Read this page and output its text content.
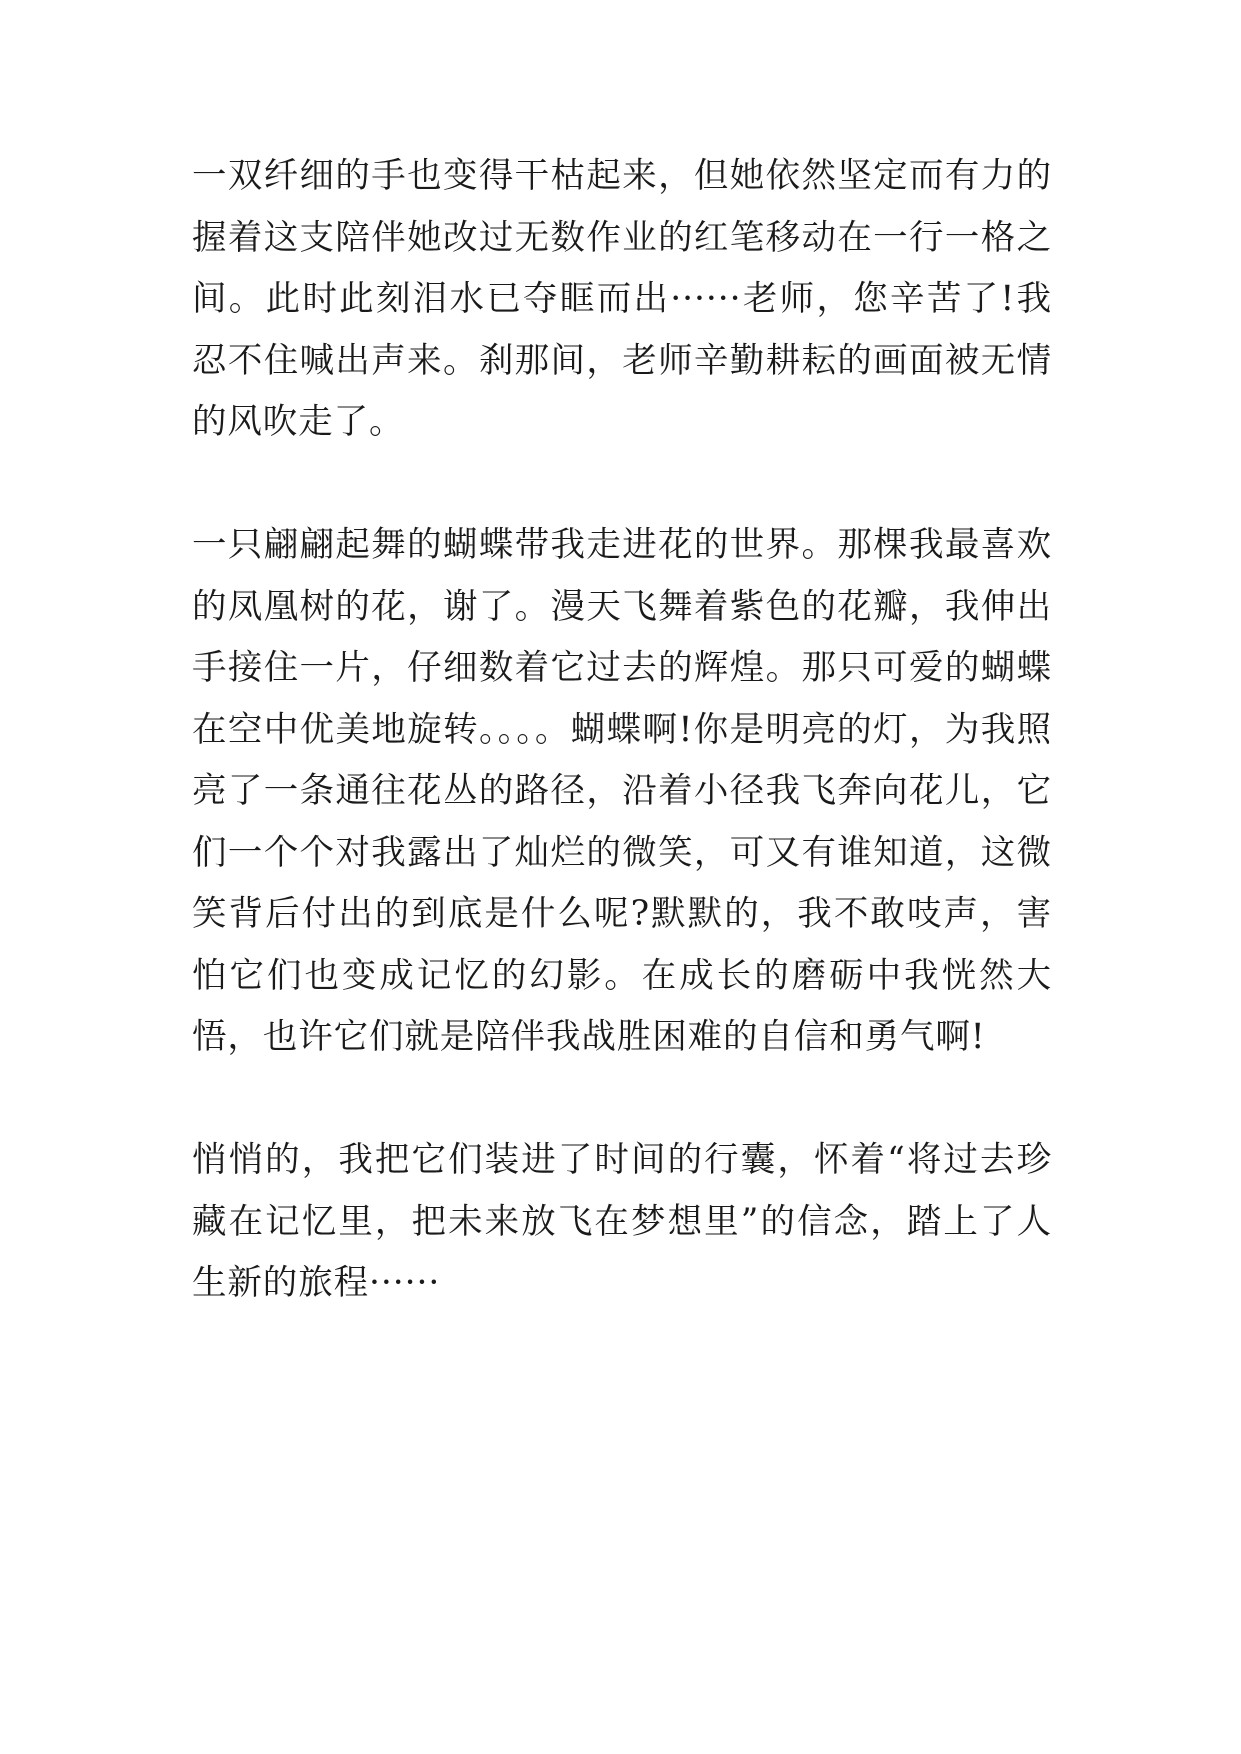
一双纤细的手也变得干枯起来，但她依然坚定而有力的握着这支陪伴她改过无数作业的红笔移动在一行一格之间。此时此刻泪水已夺眶而出······老师，您辛苦了!我忍不住喊出声来。刹那间，老师辛勤耕耘的画面被无情的风吹走了。

一只翩翩起舞的蝴蝶带我走进花的世界。那棵我最喜欢的凤凰树的花，谢了。漫天飞舞着紫色的花瓣，我伸出手接住一片，仔细数着它过去的辉煌。那只可爱的蝴蝶在空中优美地旋转。。。。蝴蝶啊!你是明亮的灯，为我照亮了一条通往花丛的路径，沿着小径我飞奔向花儿，它们一个个对我露出了灿烂的微笑，可又有谁知道，这微笑背后付出的到底是什么呢?默默的，我不敢吱声，害怕它们也变成记忆的幻影。在成长的磨砺中我恍然大悟，也许它们就是陪伴我战胜困难的自信和勇气啊!

悄悄的，我把它们装进了时间的行囊，怀着“将过去珍藏在记忆里，把未来放飞在梦想里”的信念，踏上了人生新的旅程······
